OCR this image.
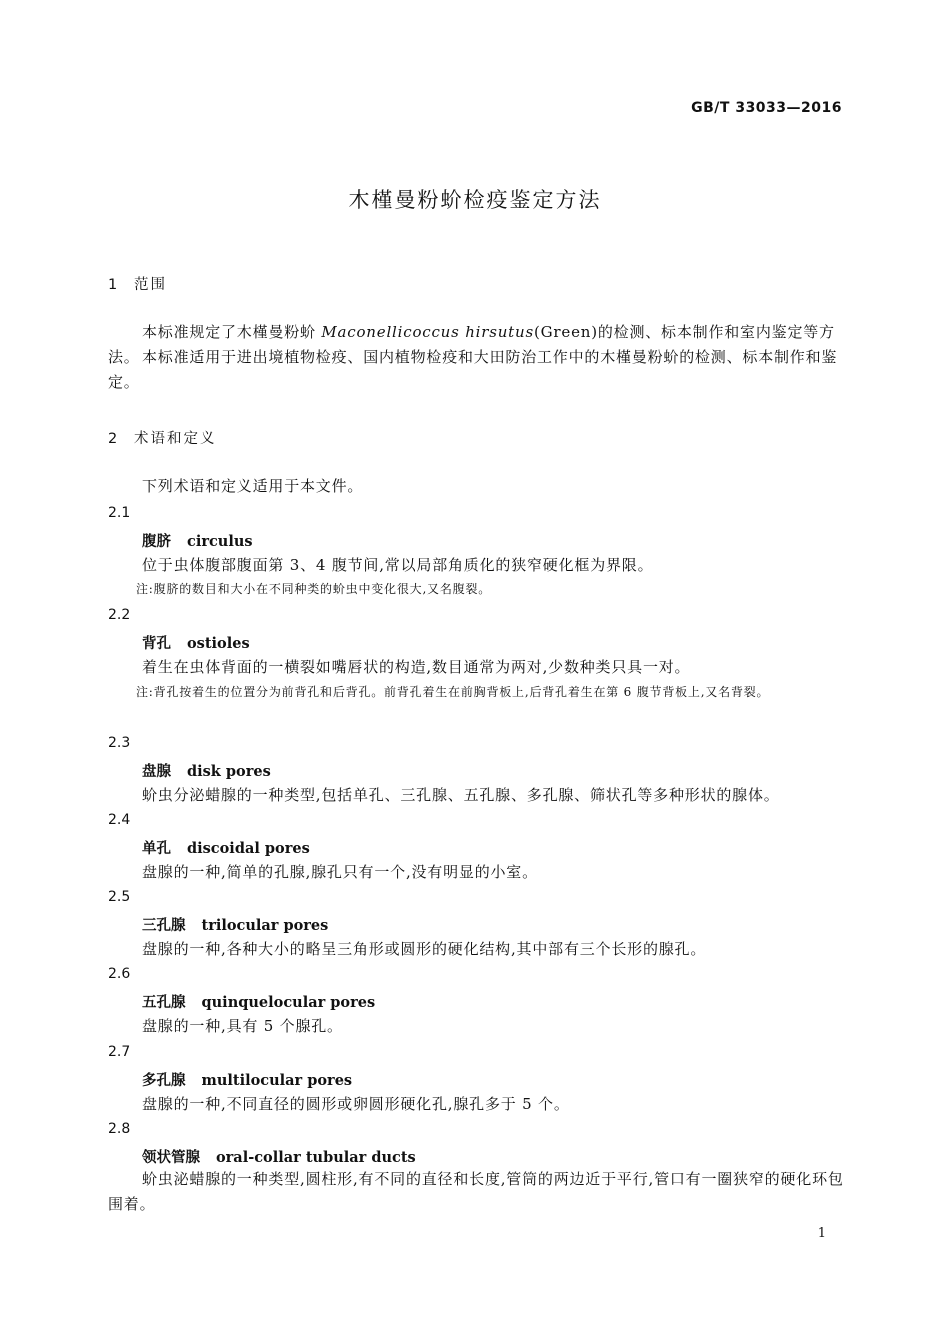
GB/T 33033—2016
木槿曼粉蚧检疫鉴定方法
1 范围
本标准规定了木槿曼粉蚧 Maconellicoccus hirsutus(Green)的检测、标本制作和室内鉴定等方法。 本标准适用于进出境植物检疫、国内植物检疫和大田防治工作中的木槿曼粉蚧的检测、标本制作和鉴定。
2 术语和定义
下列术语和定义适用于本文件。
2.1
腹脐 circulus
位于虫体腹部腹面第 3、4 腹节间,常以局部角质化的狭窄硬化框为界限。
注:腹脐的数目和大小在不同种类的蚧虫中变化很大,又名腹裂。
2.2
背孔 ostioles
着生在虫体背面的一横裂如嘴唇状的构造,数目通常为两对,少数种类只具一对。
注:背孔按着生的位置分为前背孔和后背孔。前背孔着生在前胸背板上,后背孔着生在第 6 腹节背板上,又名背裂。
2.3
盘腺 disk pores
蚧虫分泌蜡腺的一种类型,包括单孔、三孔腺、五孔腺、多孔腺、筛状孔等多种形状的腺体。
2.4
单孔 discoidal pores
盘腺的一种,简单的孔腺,腺孔只有一个,没有明显的小室。
2.5
三孔腺 trilocular pores
盘腺的一种,各种大小的略呈三角形或圆形的硬化结构,其中部有三个长形的腺孔。
2.6
五孔腺 quinquelocular pores
盘腺的一种,具有 5 个腺孔。
2.7
多孔腺 multilocular pores
盘腺的一种,不同直径的圆形或卵圆形硬化孔,腺孔多于 5 个。
2.8
领状管腺 oral-collar tubular ducts
蚧虫泌蜡腺的一种类型,圆柱形,有不同的直径和长度,管筒的两边近于平行,管口有一圈狭窄的硬化环包围着。
1
